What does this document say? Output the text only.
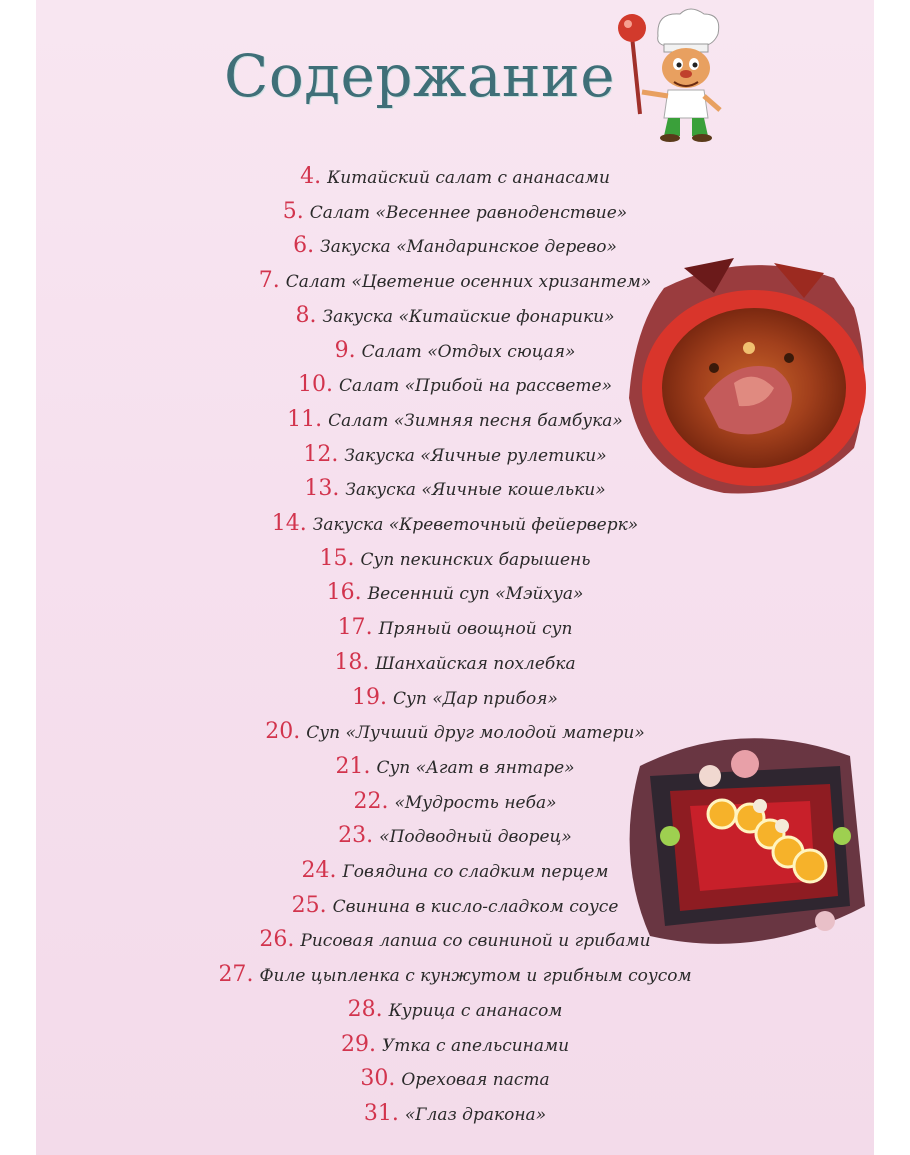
Содержание
4. Китайский салат с ананасами
5. Салат «Весеннее равноденствие»
6. Закуска «Мандаринское дерево»
7. Салат «Цветение осенних хризантем»
8. Закуска «Китайские фонарики»
9. Салат «Отдых сюцая»
10. Салат «Прибой на рассвете»
11. Салат «Зимняя песня бамбука»
12. Закуска «Яичные рулетики»
13. Закуска «Яичные кошельки»
14. Закуска «Креветочный фейерверк»
15. Суп пекинских барышень
16. Весенний суп «Мэйхуа»
17. Пряный овощной суп
18. Шанхайская похлебка
19. Суп «Дар прибоя»
20. Суп «Лучший друг молодой матери»
21. Суп «Агат в янтаре»
22. «Мудрость неба»
23. «Подводный дворец»
24. Говядина со сладким перцем
25. Свинина в кисло-сладком соусе
26. Рисовая лапша со свининой и грибами
27. Филе цыпленка с кунжутом и грибным соусом
28. Курица с ананасом
29. Утка с апельсинами
30. Ореховая паста
31. «Глаз дракона»
